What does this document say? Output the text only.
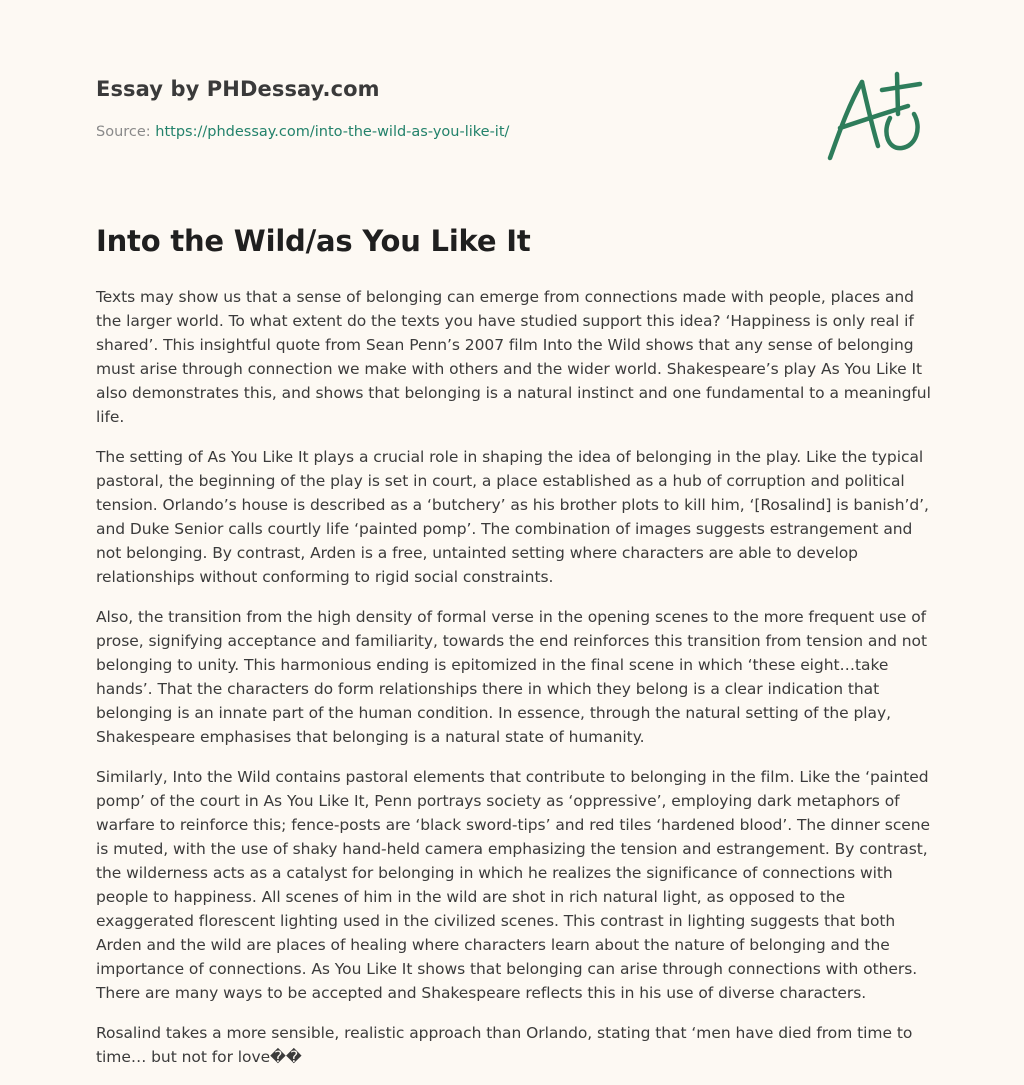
Essay by PHDessay.com
Source: https://phdessay.com/into-the-wild-as-you-like-it/
Into the Wild/as You Like It

Texts may show us that a sense of belonging can emerge from connections made with people, places and the larger world. To what extent do the texts you have studied support this idea? ‘Happiness is only real if shared’. This insightful quote from Sean Penn’s 2007 film Into the Wild shows that any sense of belonging must arise through connection we make with others and the wider world. Shakespeare’s play As You Like It also demonstrates this, and shows that belonging is a natural instinct and one fundamental to a meaningful life.

The setting of As You Like It plays a crucial role in shaping the idea of belonging in the play. Like the typical pastoral, the beginning of the play is set in court, a place established as a hub of corruption and political tension. Orlando’s house is described as a ‘butchery’ as his brother plots to kill him, ‘[Rosalind] is banish’d’, and Duke Senior calls courtly life ‘painted pomp’. The combination of images suggests estrangement and not belonging. By contrast, Arden is a free, untainted setting where characters are able to develop relationships without conforming to rigid social constraints.

Also, the transition from the high density of formal verse in the opening scenes to the more frequent use of prose, signifying acceptance and familiarity, towards the end reinforces this transition from tension and not belonging to unity. This harmonious ending is epitomized in the final scene in which ‘these eight…take hands’. That the characters do form relationships there in which they belong is a clear indication that belonging is an innate part of the human condition. In essence, through the natural setting of the play, Shakespeare emphasises that belonging is a natural state of humanity.

Similarly, Into the Wild contains pastoral elements that contribute to belonging in the film. Like the ‘painted pomp’ of the court in As You Like It, Penn portrays society as ‘oppressive’, employing dark metaphors of warfare to reinforce this; fence-posts are ‘black sword-tips’ and red tiles ‘hardened blood’. The dinner scene is muted, with the use of shaky hand-held camera emphasizing the tension and estrangement. By contrast, the wilderness acts as a catalyst for belonging in which he realizes the significance of connections with people to happiness. All scenes of him in the wild are shot in rich natural light, as opposed to the exaggerated florescent lighting used in the civilized scenes. This contrast in lighting suggests that both Arden and the wild are places of healing where characters learn about the nature of belonging and the importance of connections. As You Like It shows that belonging can arise through connections with others. There are many ways to be accepted and Shakespeare reflects this in his use of diverse characters.

Rosalind takes a more sensible, realistic approach than Orlando, stating that ‘men have died from time to time… but not for love��
